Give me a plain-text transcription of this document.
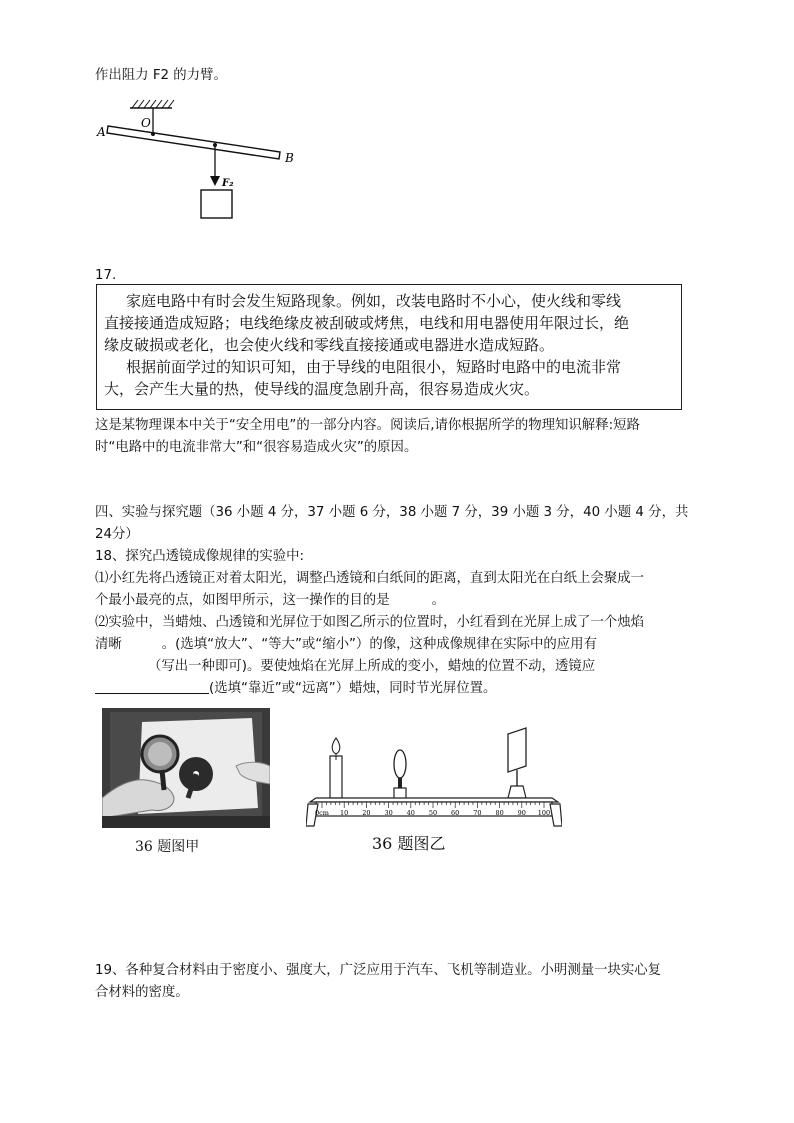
作出阻力 F2 的力臂。
O
A
B
F₂
17.
家庭电路中有时会发生短路现象。例如，改装电路时不小心，使火线和零线
直接接通造成短路；电线绝缘皮被刮破或烤焦，电线和用电器使用年限过长，绝
缘皮破损或老化，也会使火线和零线直接接通或电器进水造成短路。
根据前面学过的知识可知，由于导线的电阻很小，短路时电路中的电流非常
大，会产生大量的热，使导线的温度急剧升高，很容易造成火灾。
这是某物理课本中关于“安全用电”的一部分内容。阅读后,请你根据所学的物理知识解释:短路
时“电路中的电流非常大”和“很容易造成火灾”的原因。
四、实验与探究题（36 小题 4 分，37 小题 6 分，38 小题 7 分，39 小题 3 分，40 小题 4 分，共
24分）
18、探究凸透镜成像规律的实验中:
⑴小红先将凸透镜正对着太阳光，调整凸透镜和白纸间的距离，直到太阳光在白纸上会聚成一
个最小最亮的点，如图甲所示，这一操作的目的是	。
⑵实验中，当蜡烛、凸透镜和光屏位于如图乙所示的位置时，小红看到在光屏上成了一个烛焰
清晰	。(选填“放大”、“等大”或“缩小”）的像，这种成像规律在实际中的应用有
（写出一种即可)。要使烛焰在光屏上所成的变小，蜡烛的位置不动，透镜应
(选填“靠近”或“远离”）蜡烛，同时节光屏位置。
36 题图甲
0cm 10 20 30 40 50 60 70 80 90 100
36 题图乙
19、各种复合材料由于密度小、强度大，广泛应用于汽车、飞机等制造业。小明测量一块实心复
合材料的密度。
